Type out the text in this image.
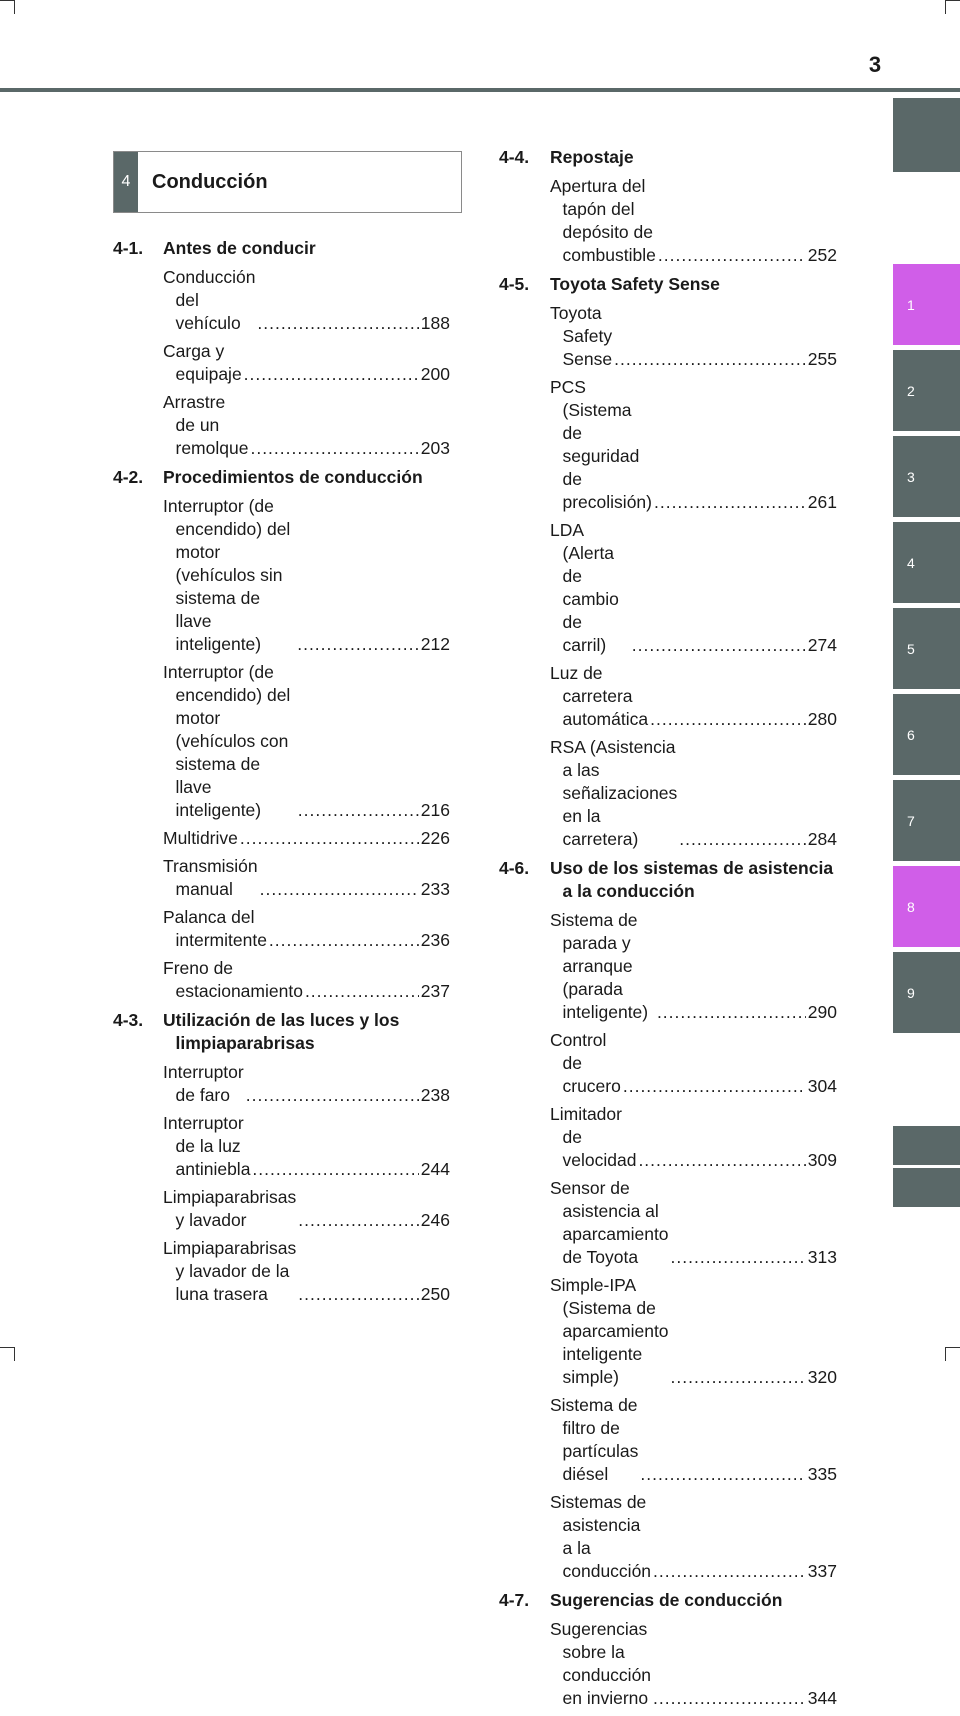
3
1
2
3
4
5
6
7
8
9
4	Conducción
4-1.	Antes de conducir
Conducción del vehículo .....	188
Carga y equipaje .....	200
Arrastre de un remolque .....	203
4-2.	Procedimientos de conducción
Interruptor (de encendido) del motor (vehículos sin sistema de llave inteligente) .....	212
Interruptor (de encendido) del motor (vehículos con sistema de llave inteligente) .....	216
Multidrive .....	226
Transmisión manual .....	233
Palanca del intermitente .....	236
Freno de estacionamiento .....	237
4-3.	Utilización de las luces y los limpiaparabrisas
Interruptor de faro .....	238
Interruptor de la luz antiniebla .....	244
Limpiaparabrisas y lavador .....	246
Limpiaparabrisas y lavador de la luna trasera .....	250
4-4.	Repostaje
Apertura del tapón del depósito de combustible .....	252
4-5.	Toyota Safety Sense
Toyota Safety Sense .....	255
PCS (Sistema de seguridad de precolisión) .....	261
LDA (Alerta de cambio de carril) .....	274
Luz de carretera automática .....	280
RSA (Asistencia a las señalizaciones en la carretera) .....	284
4-6.	Uso de los sistemas de asistencia a la conducción
Sistema de parada y arranque (parada inteligente) .....	290
Control de crucero .....	304
Limitador de velocidad .....	309
Sensor de asistencia al aparcamiento de Toyota .....	313
Simple-IPA (Sistema de aparcamiento inteligente simple) .....	320
Sistema de filtro de partículas diésel .....	335
Sistemas de asistencia a la conducción .....	337
4-7.	Sugerencias de conducción
Sugerencias sobre la conducción en invierno .....	344
